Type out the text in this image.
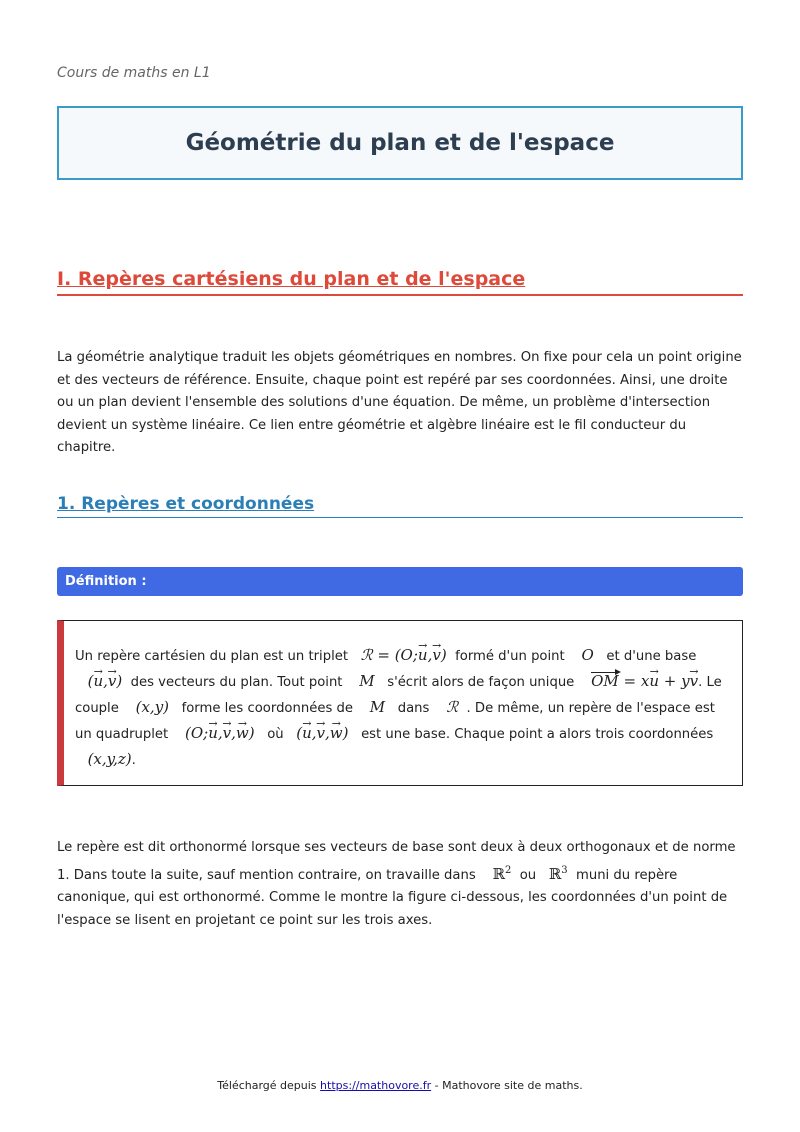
Cours de maths en L1
Géométrie du plan et de l'espace
I. Repères cartésiens du plan et de l'espace

La géométrie analytique traduit les objets géométriques en nombres. On fixe pour cela un point origine et des vecteurs de référence. Ensuite, chaque point est repéré par ses coordonnées. Ainsi, une droite ou un plan devient l'ensemble des solutions d'une équation. De même, un problème d'intersection devient un système linéaire. Ce lien entre géométrie et algèbre linéaire est le fil conducteur du chapitre.

1. Repères et coordonnées
Définition :
Un repère cartésien du plan est un triplet ℛ = (O;→ u,→ v) formé d'un point O et d'une base
(→ u,→ v) des vecteurs du plan. Tout point M s'écrit alors de façon unique OM = x→ u + y→ v. Le couple (x,y) forme les coordonnées de M dans ℛ . De même, un repère de l'espace est un quadruplet (O;→ u,→ v,→ w) où (→ u,→ v,→ w) est une base. Chaque point a alors trois coordonnées
(x,y,z).

Le repère est dit orthonormé lorsque ses vecteurs de base sont deux à deux orthogonaux et de norme 1. Dans toute la suite, sauf mention contraire, on travaille dans ℝ$^2$ ou ℝ$^3$ muni du repère canonique, qui est orthonormé. Comme le montre la figure ci-dessous, les coordonnées d'un point de l'espace se lisent en projetant ce point sur les trois axes.

Téléchargé depuis https://mathovore.fr - Mathovore site de maths.
